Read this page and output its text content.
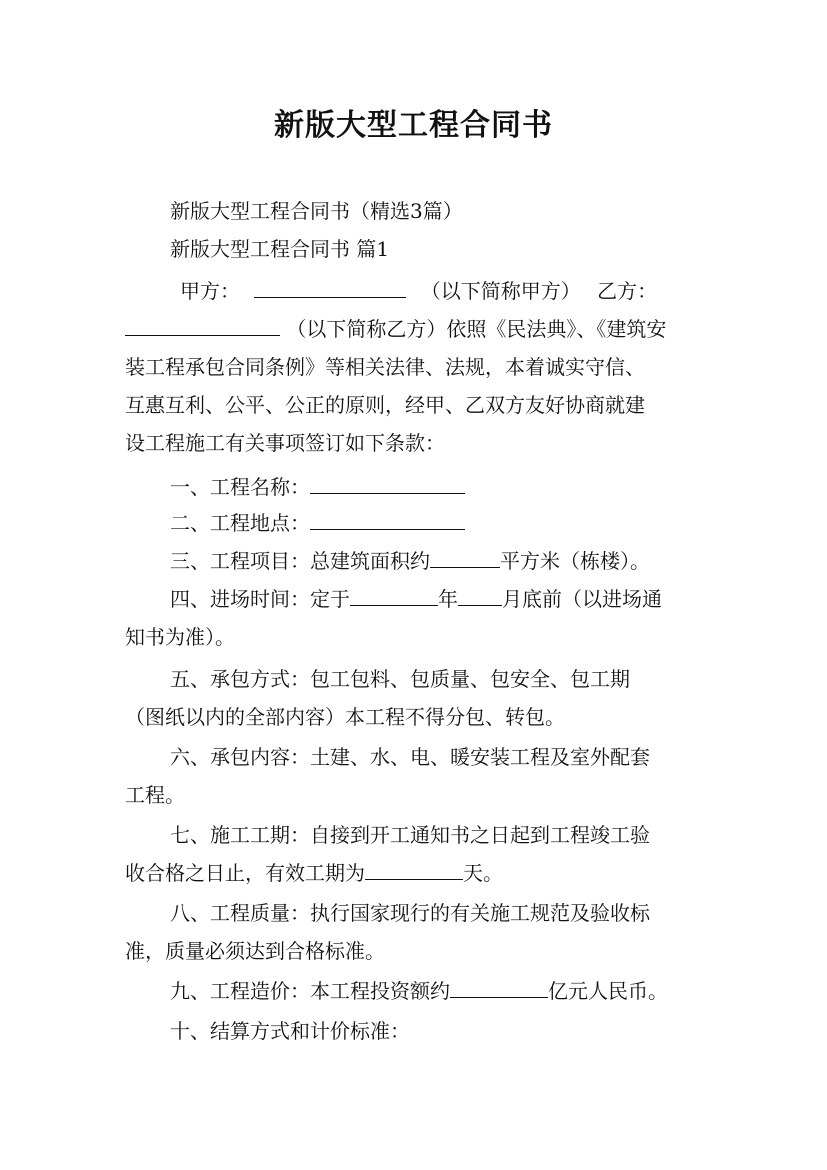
新版大型工程合同书
新版大型工程合同书（精选3篇）
新版大型工程合同书 篇1
甲方：	（以下简称甲方） 乙方：
（以下简称乙方）依照《民法典》、《建筑安
装工程承包合同条例》等相关法律、法规，本着诚实守信、
互惠互利、公平、公正的原则，经甲、乙双方友好协商就建
设工程施工有关事项签订如下条款：
一、工程名称：
二、工程地点：
三、工程项目：总建筑面积约	平方米（栋楼）。
四、进场时间：定于	年 月底前（以进场通
知书为准）。
五、承包方式：包工包料、包质量、包安全、包工期
（图纸以内的全部内容）本工程不得分包、转包。
六、承包内容：土建、水、电、暖安装工程及室外配套
工程。
七、施工工期：自接到开工通知书之日起到工程竣工验
收合格之日止，有效工期为	天。
八、工程质量：执行国家现行的有关施工规范及验收标
准，质量必须达到合格标准。
九、工程造价：本工程投资额约	亿元人民币。
十、结算方式和计价标准：
